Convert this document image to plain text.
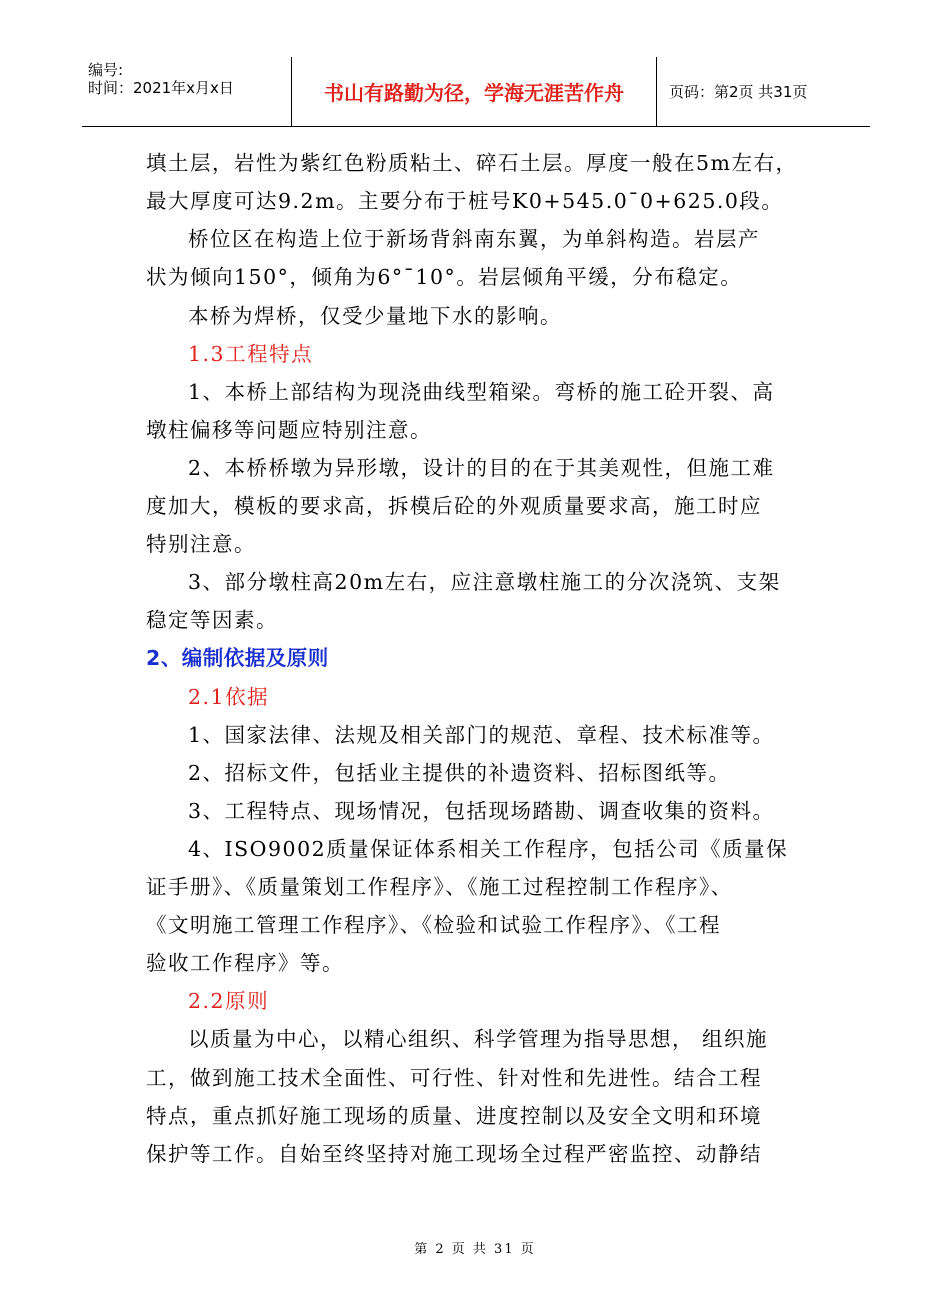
编号:
时间：2021年x月x日	书山有路勤为径，学海无涯苦作舟	页码：第2页 共31页
填土层，岩性为紫红色粉质粘土、碎石土层。厚度一般在5m左右，
最大厚度可达9.2m。主要分布于桩号K0+545.0¯0+625.0段。
桥位区在构造上位于新场背斜南东翼，为单斜构造。岩层产
状为倾向150°，倾角为6°¯10°。岩层倾角平缓，分布稳定。
本桥为焊桥，仅受少量地下水的影响。
1.3工程特点
1、本桥上部结构为现浇曲线型箱梁。弯桥的施工砼开裂、高
墩柱偏移等问题应特别注意。
2、本桥桥墩为异形墩，设计的目的在于其美观性，但施工难
度加大，模板的要求高，拆模后砼的外观质量要求高，施工时应
特别注意。
3、部分墩柱高20m左右，应注意墩柱施工的分次浇筑、支架
稳定等因素。
2、编制依据及原则
2.1依据
1、国家法律、法规及相关部门的规范、章程、技术标准等。
2、招标文件，包括业主提供的补遗资料、招标图纸等。
3、工程特点、现场情况，包括现场踏勘、调查收集的资料。
4、ISO9002质量保证体系相关工作程序，包括公司《质量保
证手册》、《质量策划工作程序》、《施工过程控制工作程序》、
《文明施工管理工作程序》、《检验和试验工作程序》、《工程
验收工作程序》等。
2.2原则
以质量为中心，以精心组织、科学管理为指导思想， 组织施
工，做到施工技术全面性、可行性、针对性和先进性。结合工程
特点，重点抓好施工现场的质量、进度控制以及安全文明和环境
保护等工作。自始至终坚持对施工现场全过程严密监控、动静结
第 2 页 共 31 页
